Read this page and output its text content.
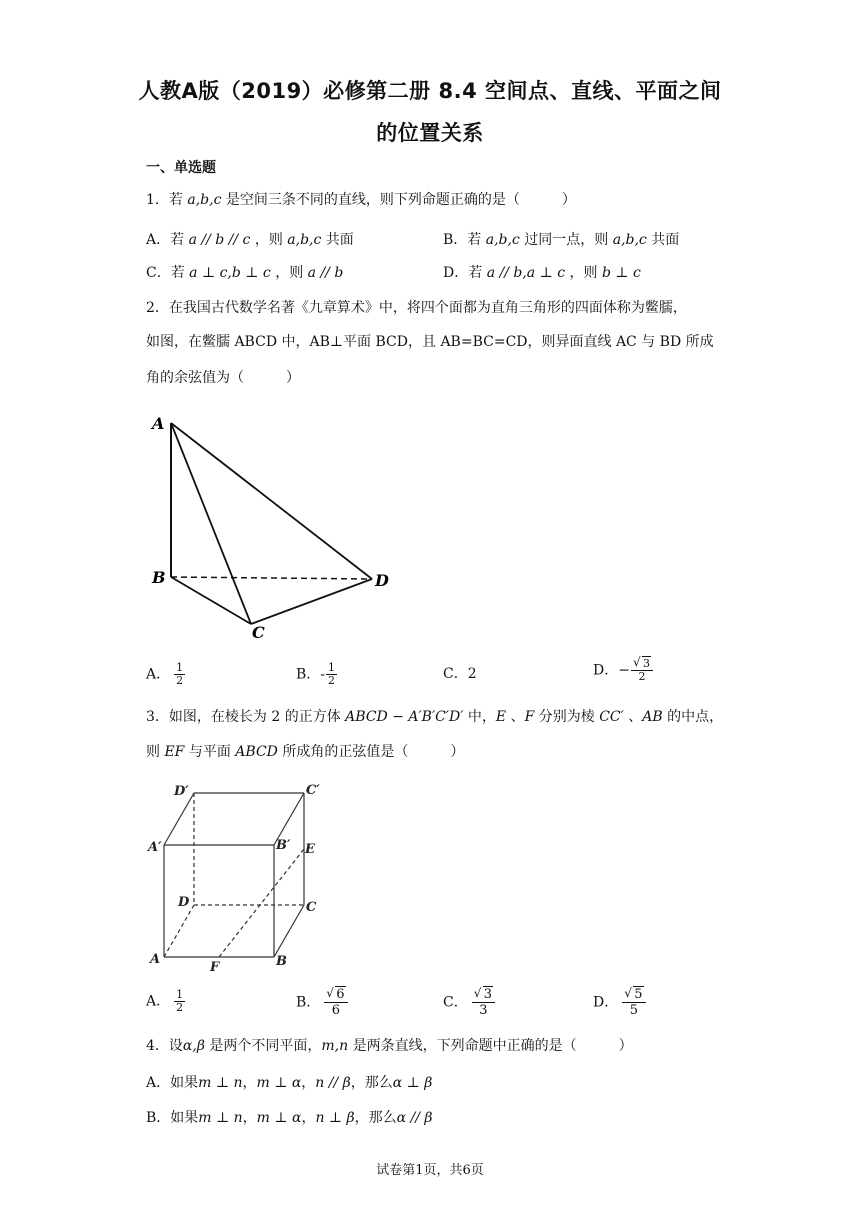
人教A版（2019）必修第二册 8.4 空间点、直线、平面之间
的位置关系
一、单选题
1．若 a,b,c 是空间三条不同的直线，则下列命题正确的是（　　　）
A．若 a // b // c ，则 a,b,c 共面	B．若 a,b,c 过同一点，则 a,b,c 共面
C．若 a ⊥ c,b ⊥ c ，则 a // b	D．若 a // b,a ⊥ c ，则 b ⊥ c
2．在我国古代数学名著《九章算术》中，将四个面都为直角三角形的四面体称为鳖臑，
如图，在鳖臑 ABCD 中，AB⊥平面 BCD，且 AB=BC=CD，则异面直线 AC 与 BD 所成
角的余弦值为（　　　）
A
B
C
D
A． $\frac{1}{2}$	B．- $\frac{1}{2}$	C．2	D．− √ $\frac{3}{2}$
3．如图，在棱长为 2 的正方体 ABCD − A′B′C′D′ 中，E 、F 分别为棱 CC′ 、AB 的中点，
则 EF 与平面 ABCD 所成角的正弦值是（　　　）
D′	C′
A′	B′ E
D	C
A
F	B
A． $\frac{1}{2}$	B． √ $\frac{6}{6}$	C． √ $\frac{3}{3}$	D． √ $\frac{5}{5}$
4．设α,β 是两个不同平面，m,n 是两条直线，下列命题中正确的是（　　　）
A．如果m ⊥ n，m ⊥ α，n // β，那么α ⊥ β
B．如果m ⊥ n，m ⊥ α，n ⊥ β，那么α // β
试卷第1页，共6页
